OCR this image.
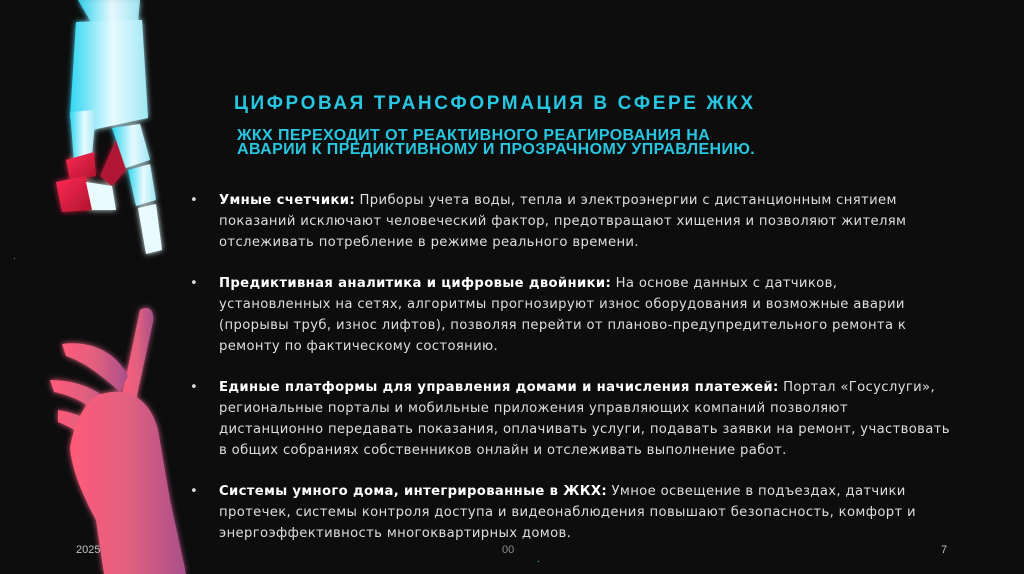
.
ЦИФРОВАЯ ТРАНСФОРМАЦИЯ В СФЕРЕ ЖКХ

ЖКХ ПЕРЕХОДИТ ОТ РЕАКТИВНОГО РЕАГИРОВАНИЯ НА АВАРИИ К ПРЕДИКТИВНОМУ И ПРОЗРАЧНОМУ УПРАВЛЕНИЮ.

• Умные счетчики: Приборы учета воды, тепла и электроэнергии с дистанционным снятием показаний исключают человеческий фактор, предотвращают хищения и позволяют жителям отслеживать потребление в режиме реального времени.
• Предиктивная аналитика и цифровые двойники: На основе данных с датчиков, установленных на сетях, алгоритмы прогнозируют износ оборудования и возможные аварии (прорывы труб, износ лифтов), позволяя перейти от планово-предупредительного ремонта к ремонту по фактическому состоянию.
• Единые платформы для управления домами и начисления платежей: Портал «Госуслуги», региональные порталы и мобильные приложения управляющих компаний позволяют дистанционно передавать показания, оплачивать услуги, подавать заявки на ремонт, участвовать в общих собраниях собственников онлайн и отслеживать выполнение работ.
• Системы умного дома, интегрированные в ЖКХ: Умное освещение в подъездах, датчики протечек, системы контроля доступа и видеонаблюдения повышают безопасность, комфорт и энергоэффективность многоквартирных домов.
2025	00
.
7
